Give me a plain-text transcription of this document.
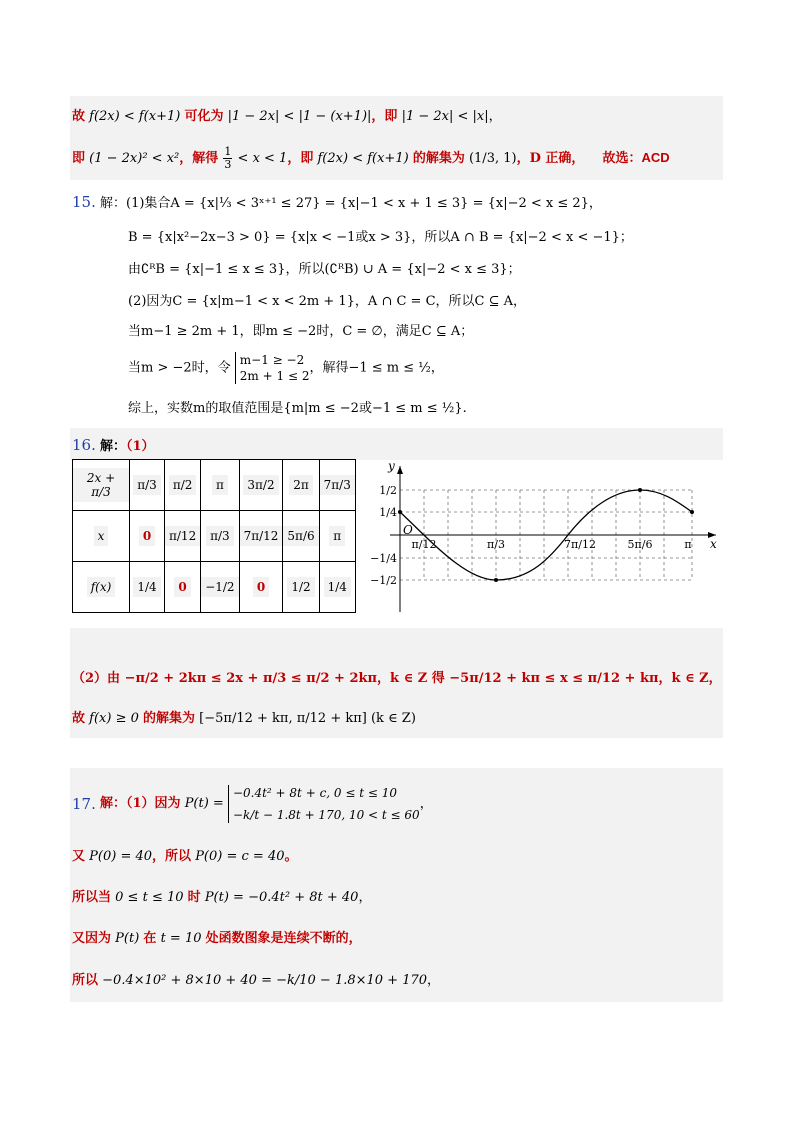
故 f(2x) < f(x+1) 可化为 |1 − 2x| < |1 − (x+1)|，即 |1 − 2x| < |x|，
即 (1 − 2x)² < x²，解得 $\frac{1}{3} < x < 1$，即 f(2x) < f(x+1) 的解集为 (1/3, 1)，D 正确， 故选：ACD
15. 解：(1)集合A = {x|⅓ < 3ˣ⁺¹ ≤ 27} = {x|−1 < x + 1 ≤ 3} = {x|−2 < x ≤ 2}，
B = {x|x²−2x−3 > 0} = {x|x < −1或x > 3}，所以A ∩ B = {x|−2 < x < −1}；
由∁ᴿB = {x|−1 ≤ x ≤ 3}，所以(∁ᴿB) ∪ A = {x|−2 < x ≤ 3}；
(2)因为C = {x|m−1 < x < 2m + 1}，A ∩ C = C，所以C ⊆ A，
当m−1 ≥ 2m + 1，即m ≤ −2时，C = ∅，满足C ⊆ A；
当m > −2时，令
m−1 ≥ −2
2m + 1 ≤ 2
，解得−1 ≤ m ≤ ½，
综上，实数m的取值范围是{m|m ≤ −2或−1 ≤ m ≤ ½}.
16. 解：（1）
2x + π/3	π/3	π/2	π	3π/2	2π	7π/3
x	0	π/12	π/3	7π/12	5π/6	π
f(x)	1/4	0	−1/2	0	1/2	1/4
y
x
O
π/12	π/3	7π/12	5π/6	π
1/2
1/4
−1/4
−1/2
（2）由 −π/2 + 2kπ ≤ 2x + π/3 ≤ π/2 + 2kπ，k ∈ Z 得 −5π/12 + kπ ≤ x ≤ π/12 + kπ，k ∈ Z，
故 f(x) ≥ 0 的解集为 [−5π/12 + kπ, π/12 + kπ] (k ∈ Z)
17. 解：（1）因为 P(t) =
−0.4t² + 8t + c, 0 ≤ t ≤ 10
−k/t − 1.8t + 170, 10 < t ≤ 60
，
又 P(0) = 40，所以 P(0) = c = 40。
所以当 0 ≤ t ≤ 10 时 P(t) = −0.4t² + 8t + 40，
又因为 P(t) 在 t = 10 处函数图象是连续不断的，
所以 −0.4×10² + 8×10 + 40 = −k/10 − 1.8×10 + 170，
